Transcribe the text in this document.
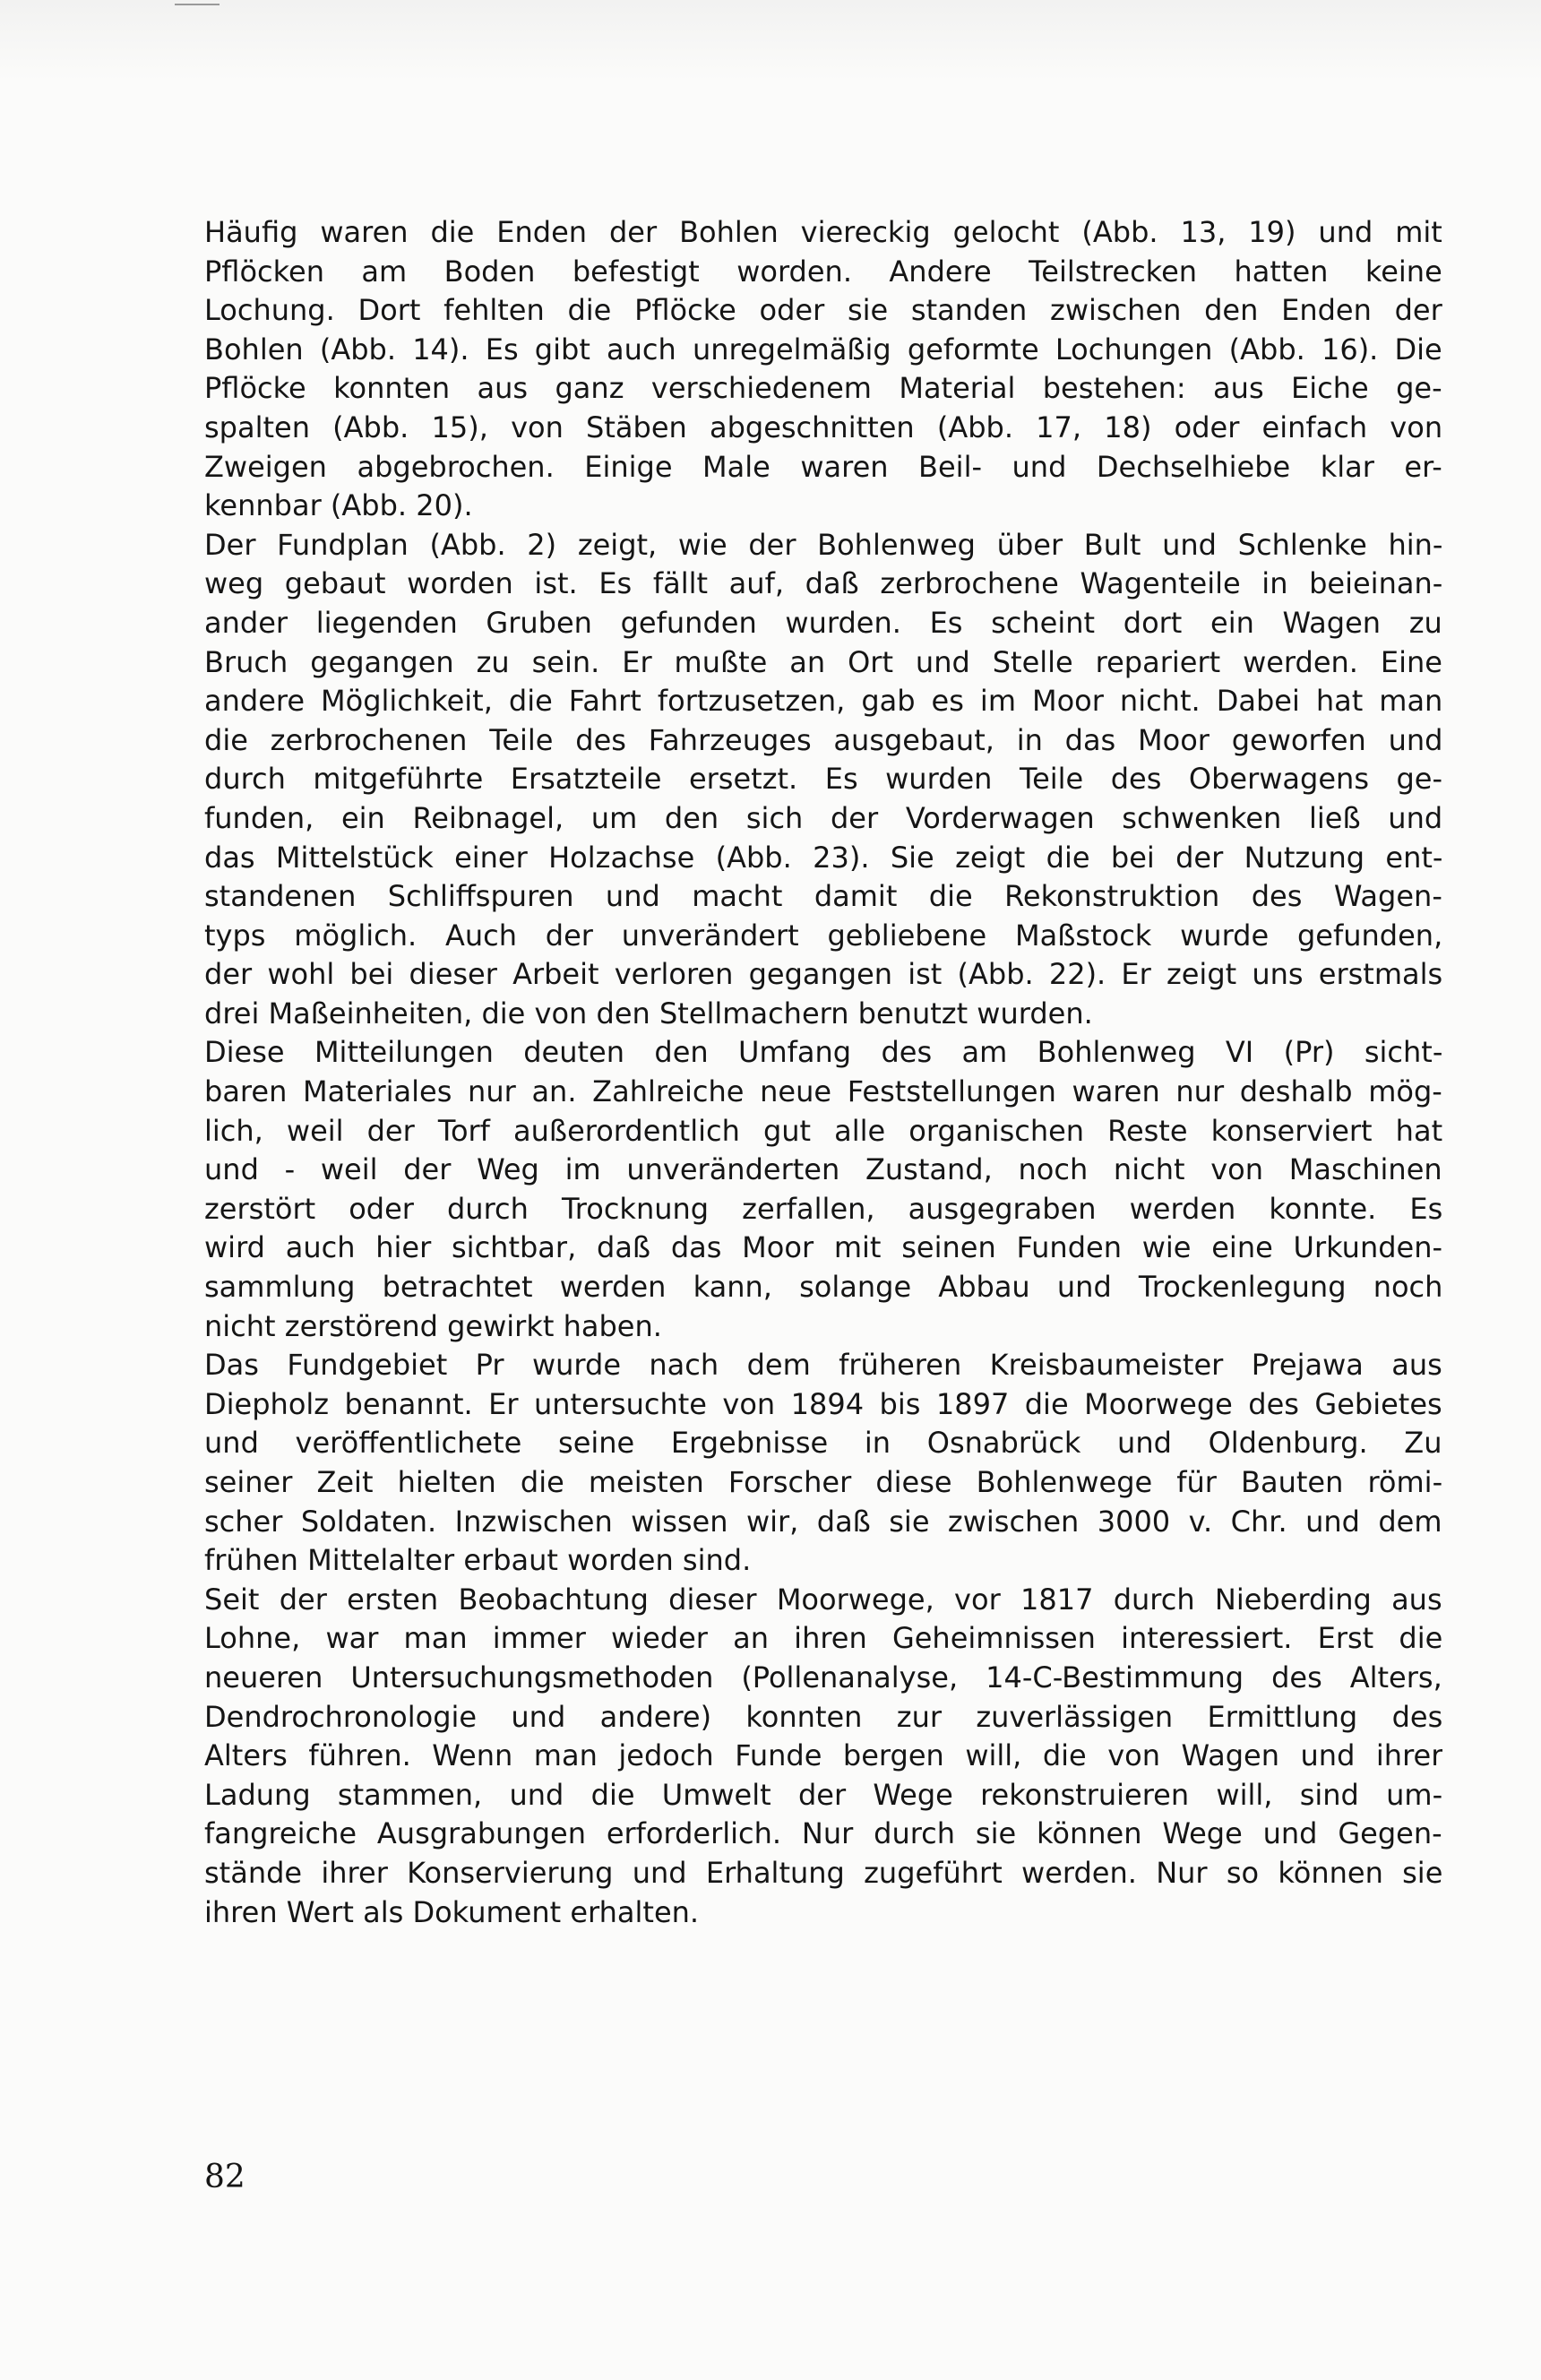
Häufig waren die Enden der Bohlen viereckig gelocht (Abb. 13, 19) und mit
Pflöcken am Boden befestigt worden. Andere Teilstrecken hatten keine
Lochung. Dort fehlten die Pflöcke oder sie standen zwischen den Enden der
Bohlen (Abb. 14). Es gibt auch unregelmäßig geformte Lochungen (Abb. 16). Die
Pflöcke konnten aus ganz verschiedenem Material bestehen: aus Eiche ge-
spalten (Abb. 15), von Stäben abgeschnitten (Abb. 17, 18) oder einfach von
Zweigen abgebrochen. Einige Male waren Beil- und Dechselhiebe klar er-
kennbar (Abb. 20).

Der Fundplan (Abb. 2) zeigt, wie der Bohlenweg über Bult und Schlenke hin-
weg gebaut worden ist. Es fällt auf, daß zerbrochene Wagenteile in beieinan-
ander liegenden Gruben gefunden wurden. Es scheint dort ein Wagen zu
Bruch gegangen zu sein. Er mußte an Ort und Stelle repariert werden. Eine
andere Möglichkeit, die Fahrt fortzusetzen, gab es im Moor nicht. Dabei hat man
die zerbrochenen Teile des Fahrzeuges ausgebaut, in das Moor geworfen und
durch mitgeführte Ersatzteile ersetzt. Es wurden Teile des Oberwagens ge-
funden, ein Reibnagel, um den sich der Vorderwagen schwenken ließ und
das Mittelstück einer Holzachse (Abb. 23). Sie zeigt die bei der Nutzung ent-
standenen Schliffspuren und macht damit die Rekonstruktion des Wagen-
typs möglich. Auch der unverändert gebliebene Maßstock wurde gefunden,
der wohl bei dieser Arbeit verloren gegangen ist (Abb. 22). Er zeigt uns erstmals
drei Maßeinheiten, die von den Stellmachern benutzt wurden.

Diese Mitteilungen deuten den Umfang des am Bohlenweg VI (Pr) sicht-
baren Materiales nur an. Zahlreiche neue Feststellungen waren nur deshalb mög-
lich, weil der Torf außerordentlich gut alle organischen Reste konserviert hat
und - weil der Weg im unveränderten Zustand, noch nicht von Maschinen
zerstört oder durch Trocknung zerfallen, ausgegraben werden konnte. Es
wird auch hier sichtbar, daß das Moor mit seinen Funden wie eine Urkunden-
sammlung betrachtet werden kann, solange Abbau und Trockenlegung noch
nicht zerstörend gewirkt haben.

Das Fundgebiet Pr wurde nach dem früheren Kreisbaumeister Prejawa aus
Diepholz benannt. Er untersuchte von 1894 bis 1897 die Moorwege des Gebietes
und veröffentlichete seine Ergebnisse in Osnabrück und Oldenburg. Zu
seiner Zeit hielten die meisten Forscher diese Bohlenwege für Bauten römi-
scher Soldaten. Inzwischen wissen wir, daß sie zwischen 3000 v. Chr. und dem
frühen Mittelalter erbaut worden sind.

Seit der ersten Beobachtung dieser Moorwege, vor 1817 durch Nieberding aus
Lohne, war man immer wieder an ihren Geheimnissen interessiert. Erst die
neueren Untersuchungsmethoden (Pollenanalyse, 14-C-Bestimmung des Alters,
Dendrochronologie und andere) konnten zur zuverlässigen Ermittlung des
Alters führen. Wenn man jedoch Funde bergen will, die von Wagen und ihrer
Ladung stammen, und die Umwelt der Wege rekonstruieren will, sind um-
fangreiche Ausgrabungen erforderlich. Nur durch sie können Wege und Gegen-
stände ihrer Konservierung und Erhaltung zugeführt werden. Nur so können sie
ihren Wert als Dokument erhalten.

82
